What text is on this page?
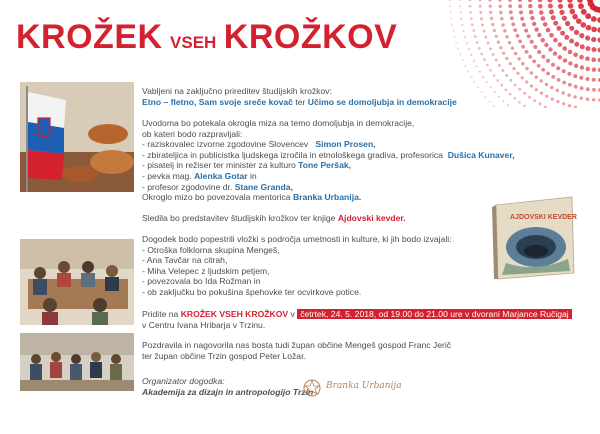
KROŽEK VSEH KROŽKOV
Vabljeni na zaključno prireditev študijskih krožkov:
Etno – fletno, Sam svoje sreče kovač ter Učimo se domoljubja in demokracije
Uvodoma bo potekala okrogla miza na temo domoljubja in demokracije,
ob kateri bodo razpravljali:
- raziskovalec izvorne zgodovine Slovencev Simon Prosen,
- zbirateljica in publicistka ljudskega izročila in etnološkega gradiva, profesorica Dušica Kunaver,
- pisatelj in režiser ter minister za kulturo Tone Peršak,
- pevka mag. Alenka Gotar in
- profesor zgodovine dr. Stane Granda,
Okroglo mizo bo povezovala mentorica Branka Urbanija.
Sledila bo predstavitev študijskih krožkov ter knjige Ajdovski kevder.	AJDOVSKI KEVDER
Dogodek bodo popestrili vložki s področja umetnosti in kulture, ki jih bodo izvajali:
- Otroška folklorna skupina Mengeš,
- Ana Tavčar na citrah,
- Miha Velepec z ljudskim petjem,
- povezovala bo Ida Rožman in
- ob zaključku bo pokušina špehovke ter ocvirkove potice.
Pridite na KROŽEK VSEH KROŽKOV v četrtek, 24. 5. 2018, od 19.00 do 21.00 ure v dvorani Marjance Ručigaj
v Centru Ivana Hribarja v Trzinu.
Pozdravila in nagovorila nas bosta tudi župan občine Mengeš gospod Franc Jerič
ter župan občine Trzin gospod Peter Ložar.
Organizator dogodka:
Akademija za dizajn in antropologijo Trzin
Branka Urbanija
